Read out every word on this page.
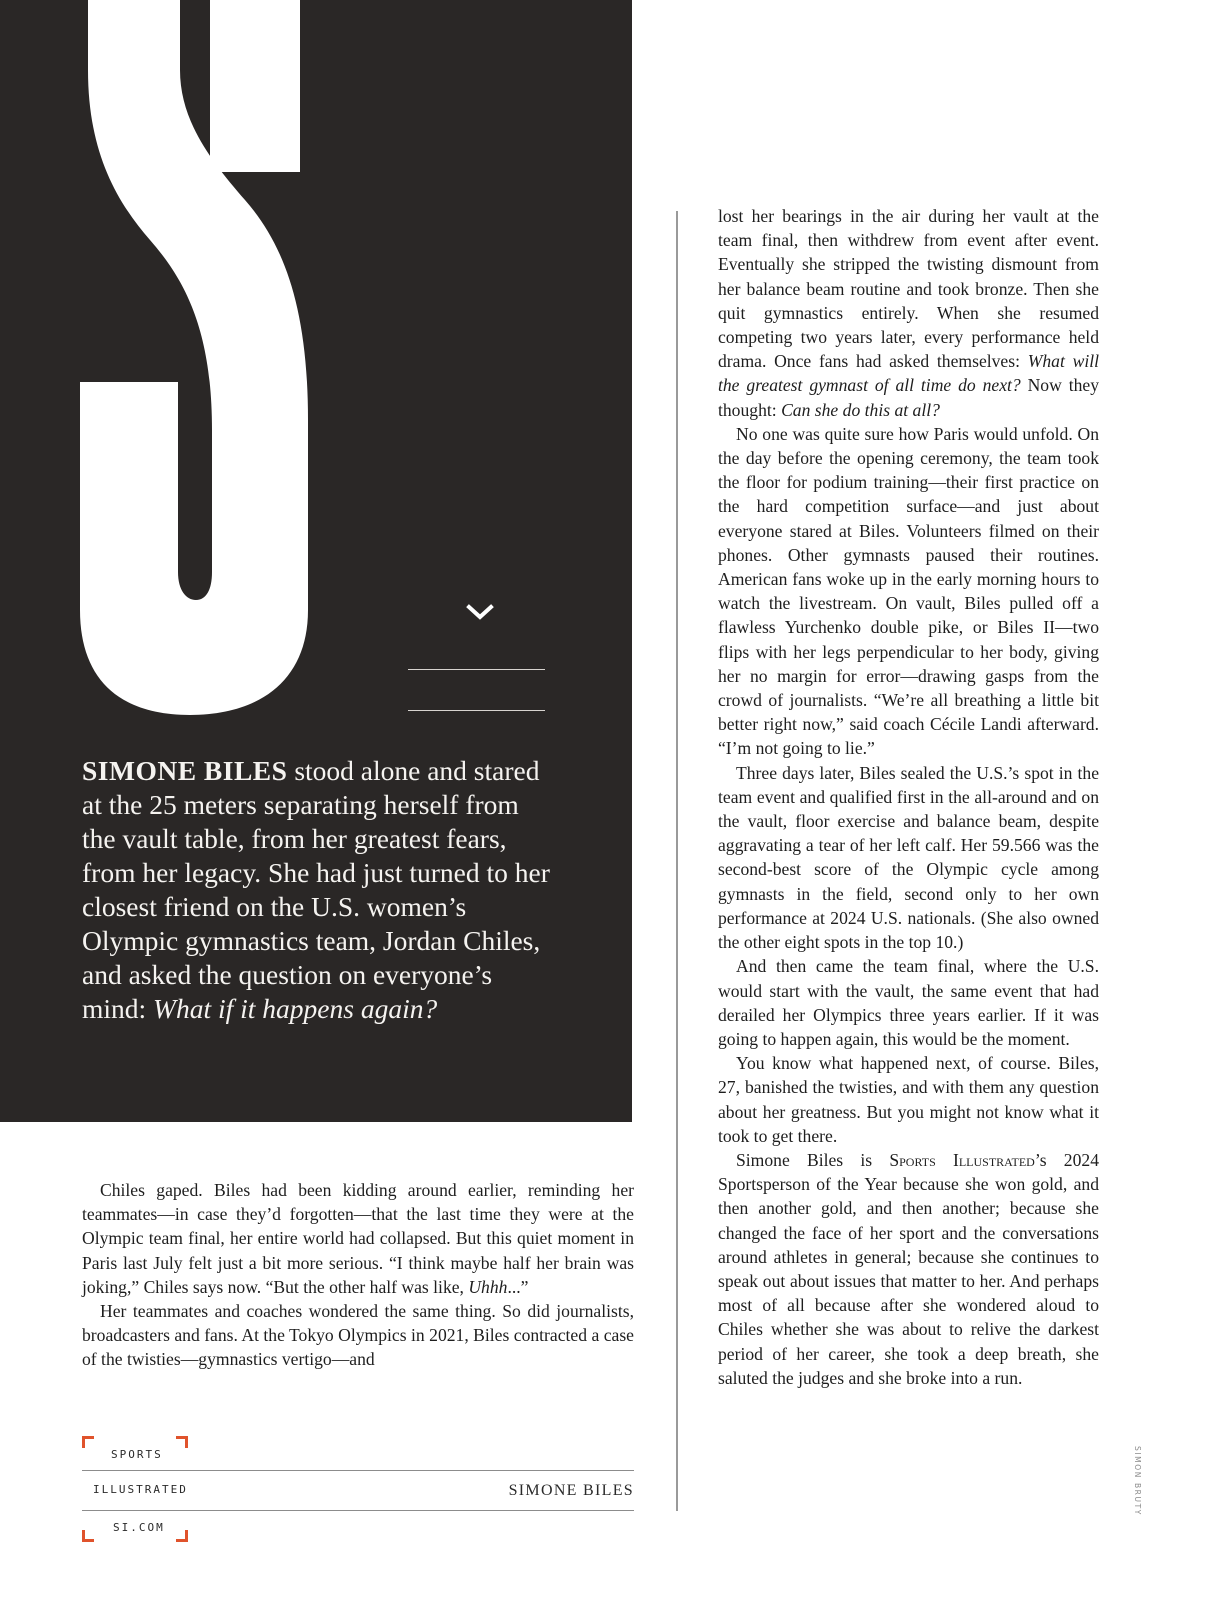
SIMONE BILES stood alone and stared at the 25 meters separating herself from the vault table, from her greatest fears, from her legacy. She had just turned to her closest friend on the U.S. women’s Olympic gymnastics team, Jordan Chiles, and asked the question on everyone’s mind: What if it happens again?

Chiles gaped. Biles had been kidding around earlier, reminding her teammates—in case they’d forgotten—that the last time they were at the Olympic team final, her entire world had collapsed. But this quiet moment in Paris last July felt just a bit more serious. “I think maybe half her brain was joking,” Chiles says now. “But the other half was like, Uhhh...”

Her teammates and coaches wondered the same thing. So did journalists, broadcasters and fans. At the Tokyo Olympics in 2021, Biles contracted a case of the twisties—gymnastics vertigo—and

lost her bearings in the air during her vault at the team final, then withdrew from event after event. Eventually she stripped the twisting dismount from her balance beam routine and took bronze. Then she quit gymnastics entirely. When she resumed competing two years later, every performance held drama. Once fans had asked themselves: What will the greatest gymnast of all time do next? Now they thought: Can she do this at all?

No one was quite sure how Paris would unfold. On the day before the opening ceremony, the team took the floor for podium training—their first practice on the hard competition surface—and just about everyone stared at Biles. Volunteers filmed on their phones. Other gymnasts paused their routines. American fans woke up in the early morning hours to watch the livestream. On vault, Biles pulled off a flawless Yurchenko double pike, or Biles II—two flips with her legs perpendicular to her body, giving her no margin for error—drawing gasps from the crowd of journalists. “We’re all breathing a little bit better right now,” said coach Cécile Landi afterward. “I’m not going to lie.”

Three days later, Biles sealed the U.S.’s spot in the team event and qualified first in the all-around and on the vault, floor exercise and balance beam, despite aggravating a tear of her left calf. Her 59.566 was the second-best score of the Olympic cycle among gymnasts in the field, second only to her own performance at 2024 U.S. nationals. (She also owned the other eight spots in the top 10.)

And then came the team final, where the U.S. would start with the vault, the same event that had derailed her Olympics three years earlier. If it was going to happen again, this would be the moment.

You know what happened next, of course. Biles, 27, banished the twisties, and with them any question about her greatness. But you might not know what it took to get there.

Simone Biles is Sports Illustrated’s 2024 Sportsperson of the Year because she won gold, and then another gold, and then another; because she changed the face of her sport and the conversations around athletes in general; because she continues to speak out about issues that matter to her. And perhaps most of all because after she wondered aloud to Chiles whether she was about to relive the darkest period of her career, she took a deep breath, she saluted the judges and she broke into a run.

SPORTS
ILLUSTRATED	SIMONE BILES
SI.COM
SIMON BRUTY
